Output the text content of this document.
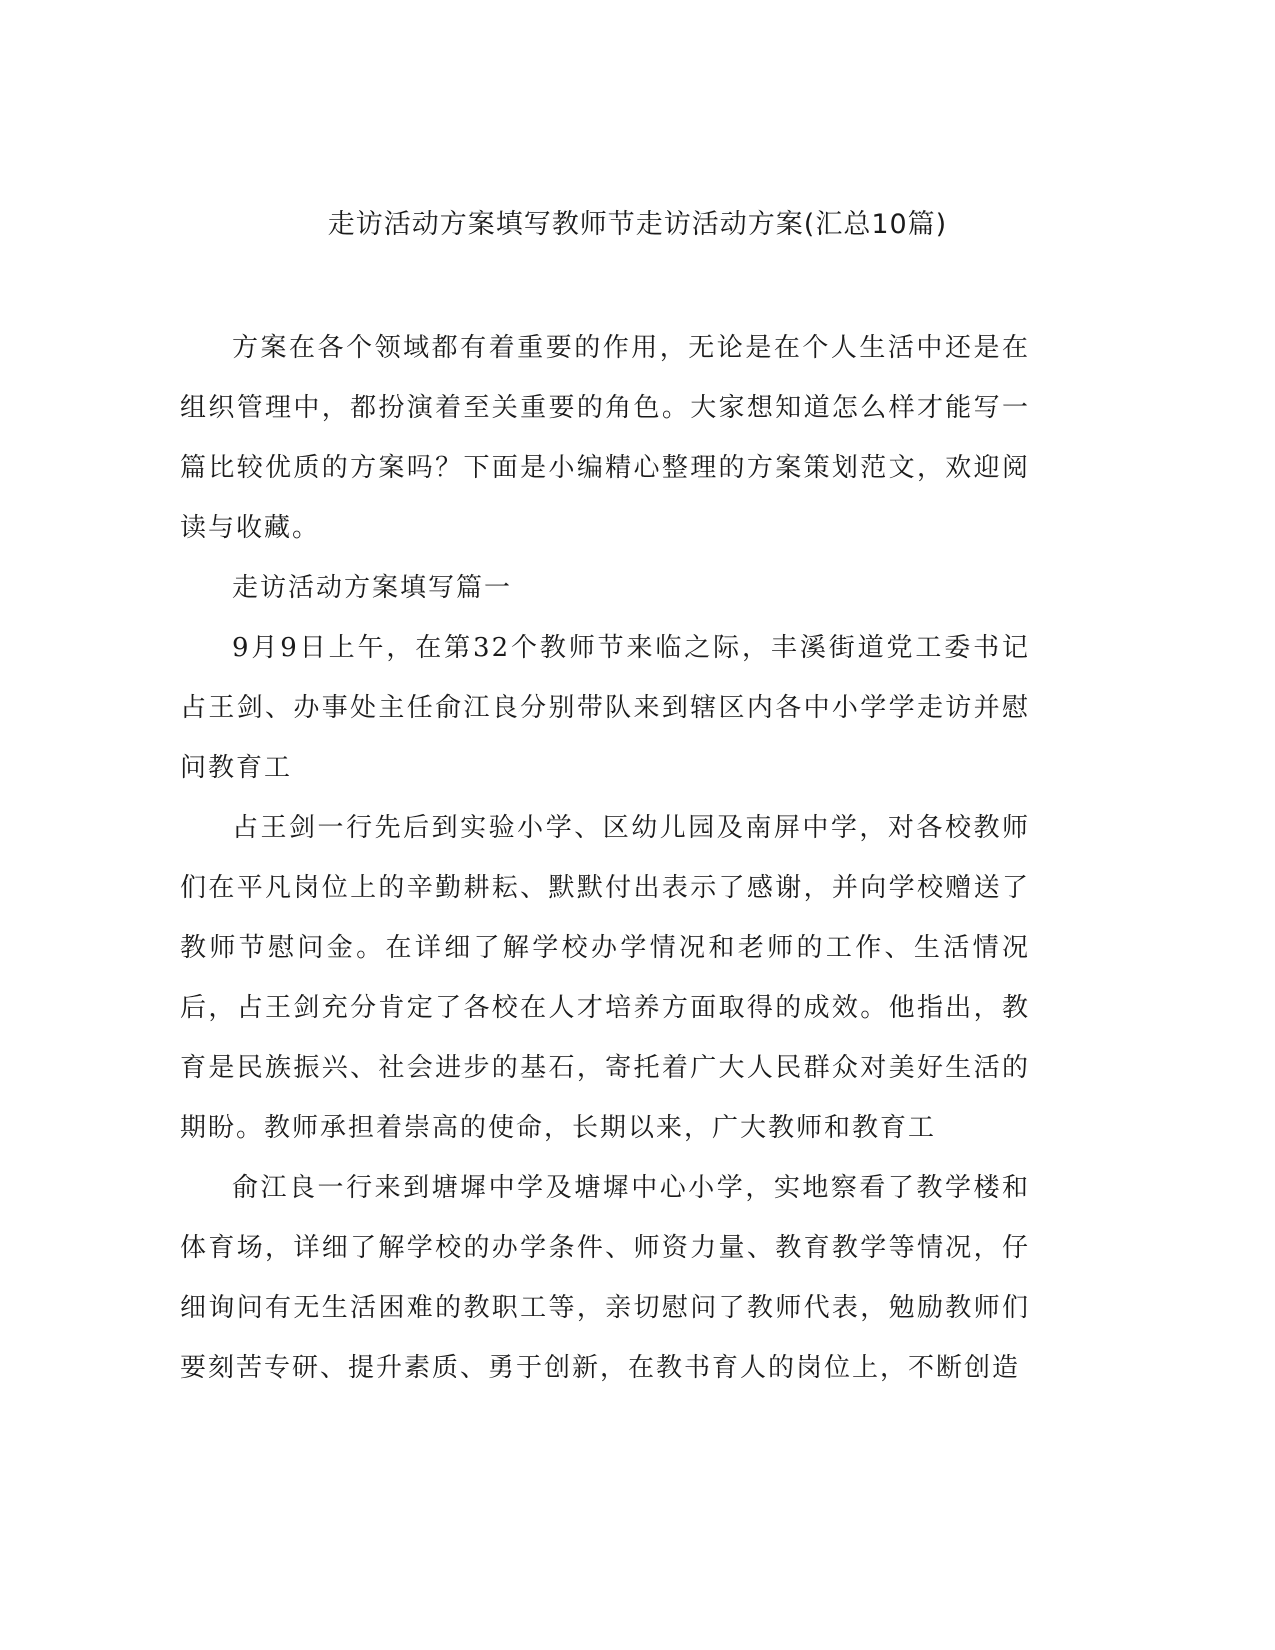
走访活动方案填写教师节走访活动方案(汇总10篇)

方案在各个领域都有着重要的作用，无论是在个人生活中还是在组织管理中，都扮演着至关重要的角色。大家想知道怎么样才能写一篇比较优质的方案吗？下面是小编精心整理的方案策划范文，欢迎阅读与收藏。

走访活动方案填写篇一

9月9日上午，在第32个教师节来临之际，丰溪街道党工委书记占王剑、办事处主任俞江良分别带队来到辖区内各中小学学走访并慰问教育工

占王剑一行先后到实验小学、区幼儿园及南屏中学，对各校教师们在平凡岗位上的辛勤耕耘、默默付出表示了感谢，并向学校赠送了教师节慰问金。在详细了解学校办学情况和老师的工作、生活情况后，占王剑充分肯定了各校在人才培养方面取得的成效。他指出，教育是民族振兴、社会进步的基石，寄托着广大人民群众对美好生活的期盼。教师承担着崇高的使命，长期以来，广大教师和教育工

俞江良一行来到塘墀中学及塘墀中心小学，实地察看了教学楼和体育场，详细了解学校的办学条件、师资力量、教育教学等情况，仔细询问有无生活困难的教职工等，亲切慰问了教师代表，勉励教师们要刻苦专研、提升素质、勇于创新，在教书育人的岗位上，不断创造
